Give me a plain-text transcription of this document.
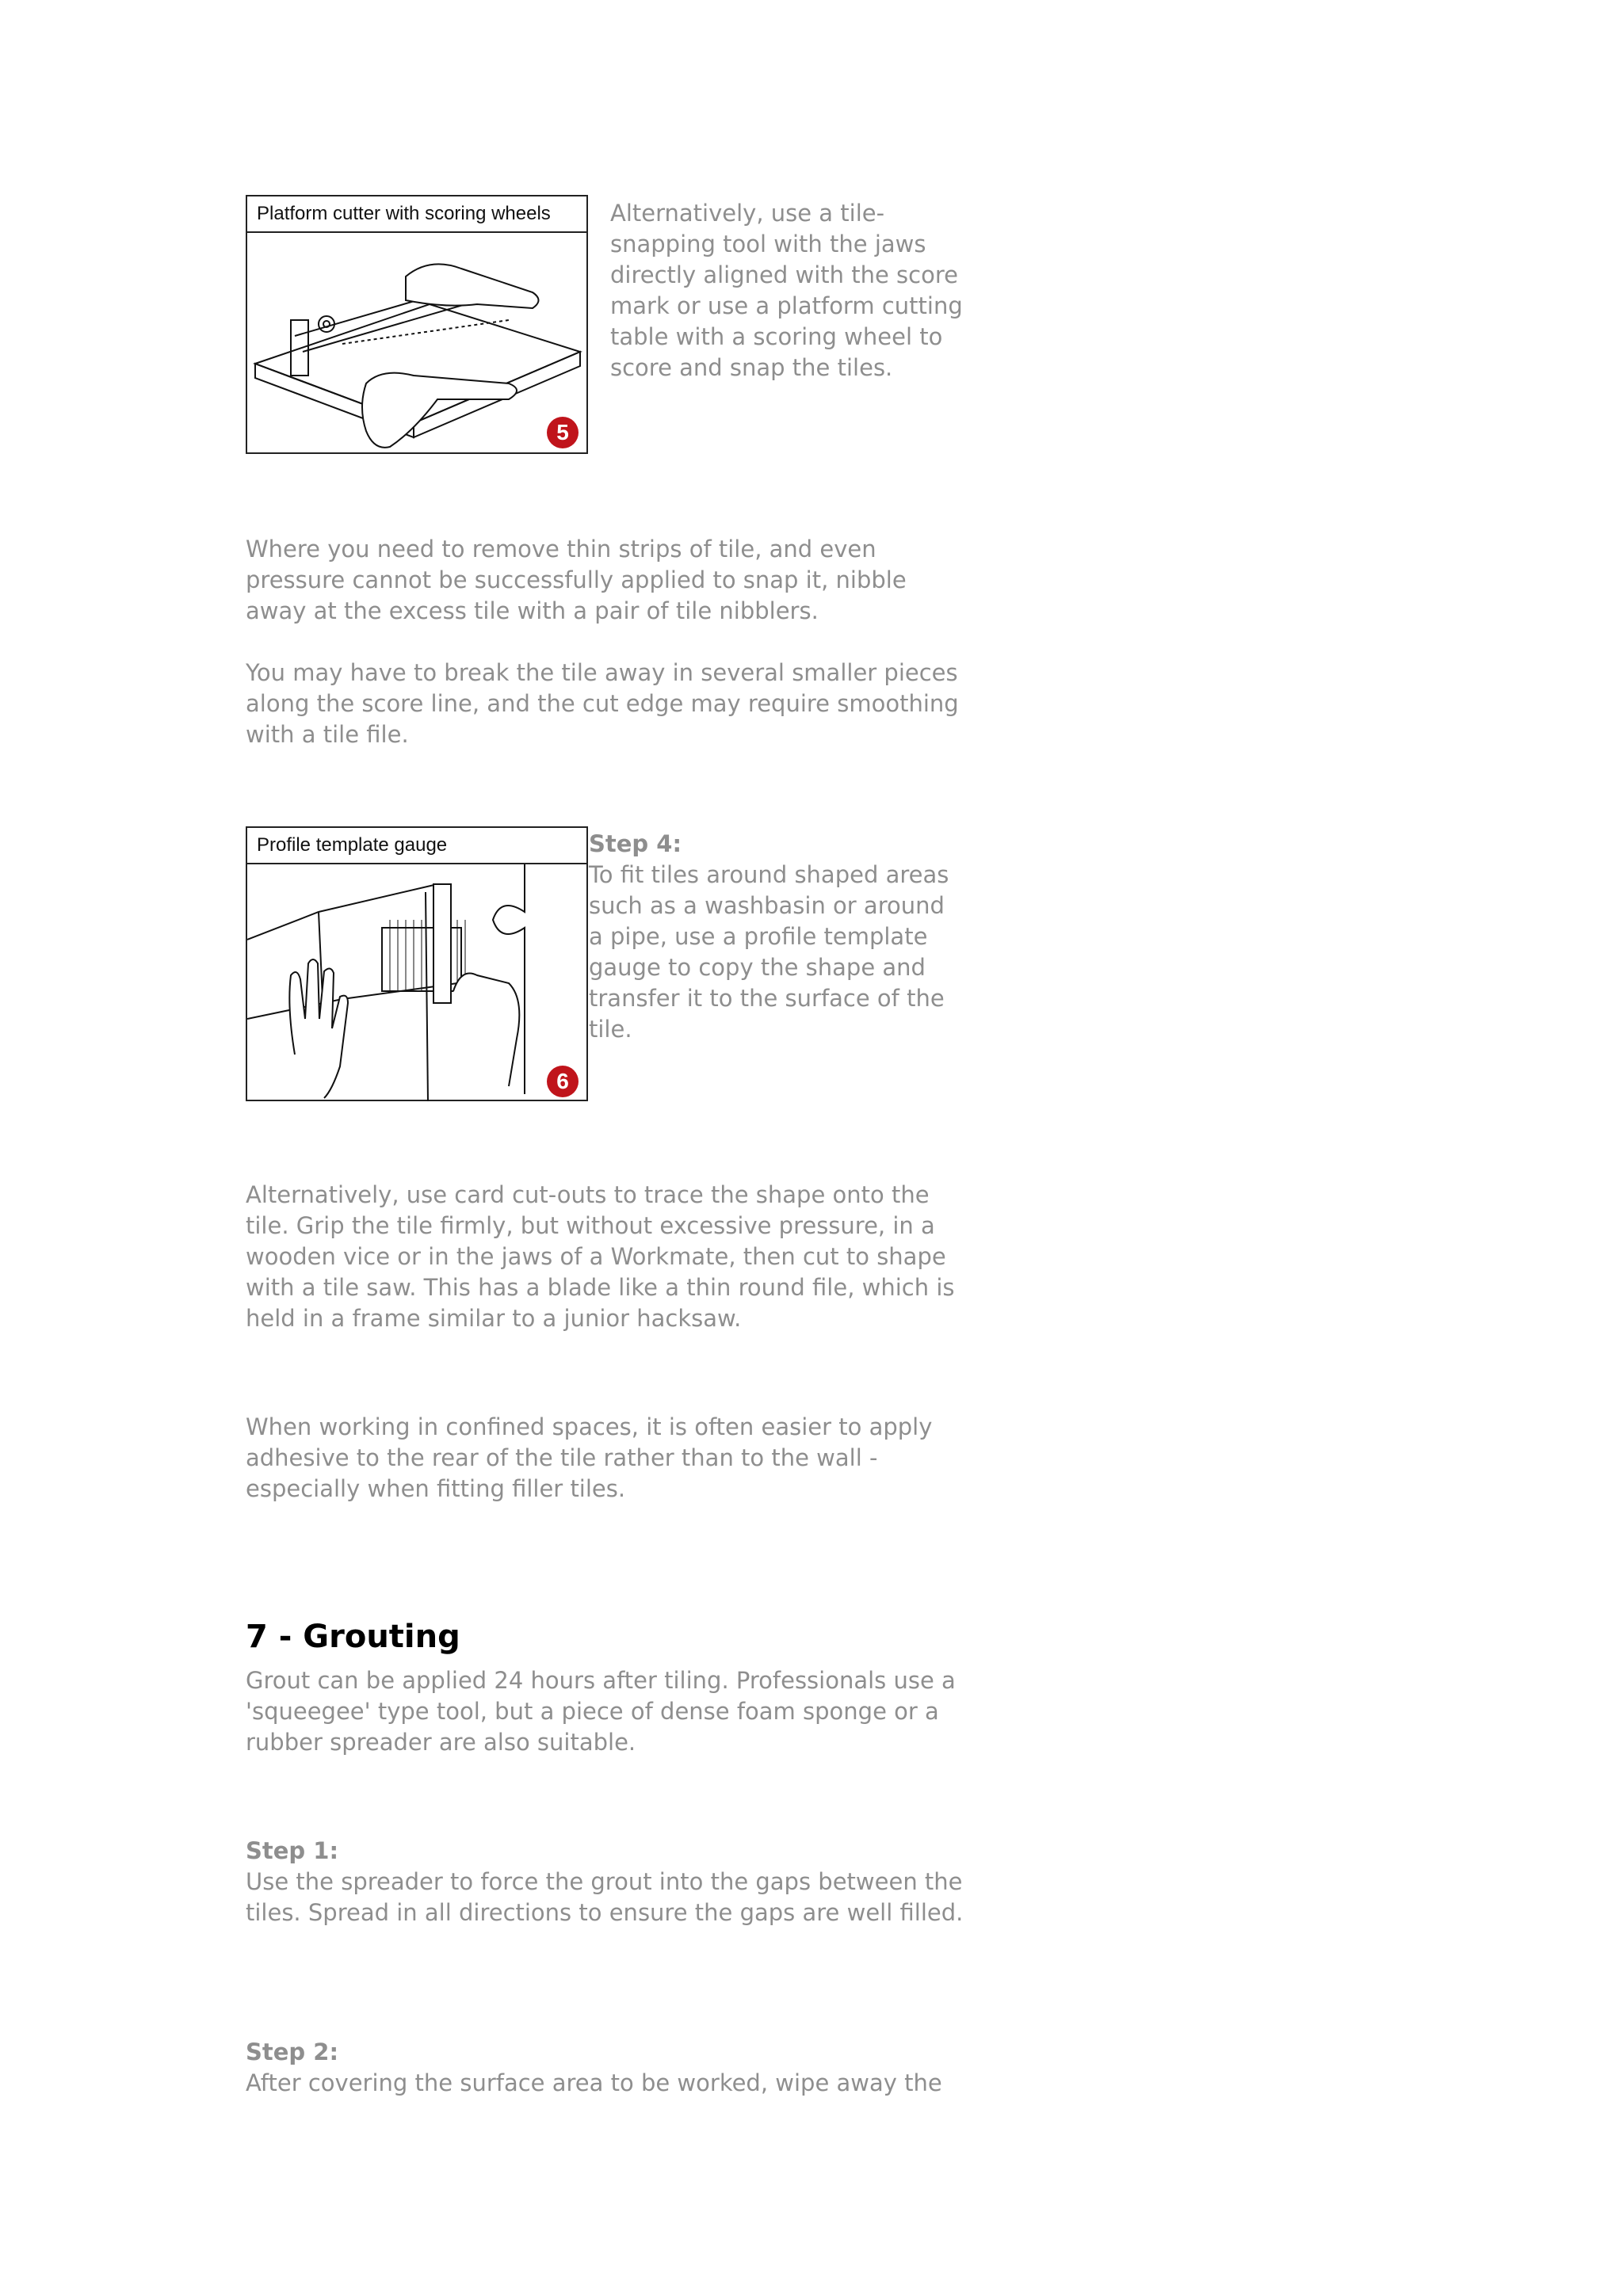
Platform cutter with scoring wheels
5

Alternatively, use a tile-snapping tool with the jaws directly aligned with the score mark or use a platform cutting table with a scoring wheel to score and snap the tiles.

Where you need to remove thin strips of tile, and even pressure cannot be successfully applied to snap it, nibble away at the excess tile with a pair of tile nibblers.

You may have to break the tile away in several smaller pieces along the score line, and the cut edge may require smoothing with a tile file.

Profile template gauge
6
Step 4:
To fit tiles around shaped areas such as a washbasin or around a pipe, use a profile template gauge to copy the shape and transfer it to the surface of the tile.

Alternatively, use card cut-outs to trace the shape onto the tile. Grip the tile firmly, but without excessive pressure, in a wooden vice or in the jaws of a Workmate, then cut to shape with a tile saw. This has a blade like a thin round file, which is held in a frame similar to a junior hacksaw.

When working in confined spaces, it is often easier to apply adhesive to the rear of the tile rather than to the wall - especially when fitting filler tiles.

7 - Grouting

Grout can be applied 24 hours after tiling. Professionals use a 'squeegee' type tool, but a piece of dense foam sponge or a rubber spreader are also suitable.

Step 1:
Use the spreader to force the grout into the gaps between the tiles. Spread in all directions to ensure the gaps are well filled.
Step 2:
After covering the surface area to be worked, wipe away the
